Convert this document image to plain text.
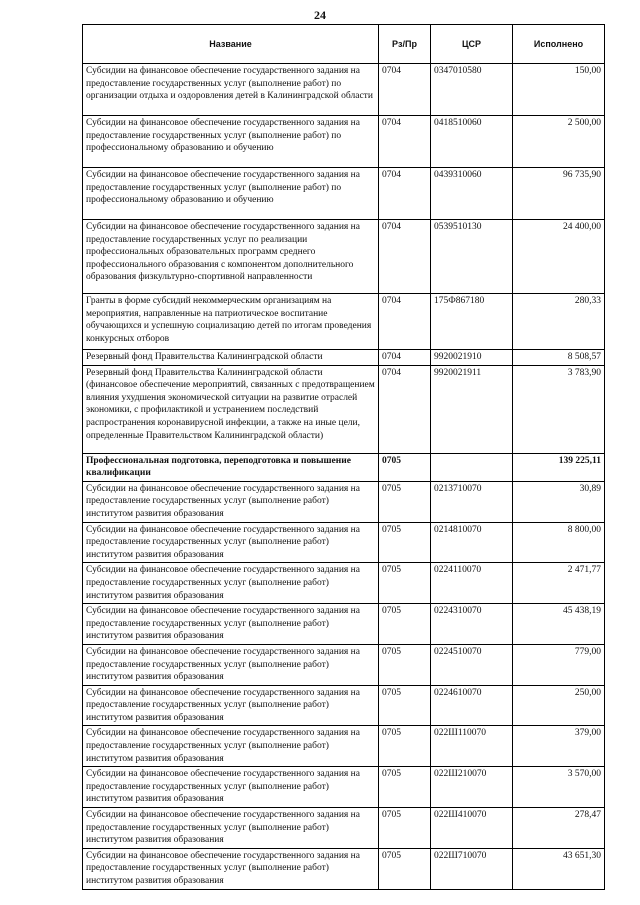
24
Название	Рз/Пр	ЦСР	Исполнено
Субсидии на финансовое обеспечение государственного задания на предоставление государственных услуг (выполнение работ) по организации отдыха и оздоровления детей в Калининградской области	0704	0347010580	150,00
Субсидии на финансовое обеспечение государственного задания на предоставление государственных услуг (выполнение работ) по профессиональному образованию и обучению	0704	0418510060	2 500,00
Субсидии на финансовое обеспечение государственного задания на предоставление государственных услуг (выполнение работ) по профессиональному образованию и обучению	0704	0439310060	96 735,90
Субсидии на финансовое обеспечение государственного задания на предоставление государственных услуг по реализации профессиональных образовательных программ среднего профессионального образования с компонентом дополнительного образования физкультурно-спортивной направленности	0704	0539510130	24 400,00
Гранты в форме субсидий некоммерческим организациям на мероприятия, направленные на патриотическое воспитание обучающихся и успешную социализацию детей по итогам проведения конкурсных отборов	0704	175Ф867180	280,33
Резервный фонд Правительства Калининградской области	0704	9920021910	8 508,57
Резервный фонд Правительства Калининградской области (финансовое обеспечение мероприятий, связанных с предотвращением влияния ухудшения экономической ситуации на развитие отраслей экономики, с профилактикой и устранением последствий распространения коронавирусной инфекции, а также на иные цели, определенные Правительством Калининградской области)	0704	9920021911	3 783,90
Профессиональная подготовка, переподготовка и повышение квалификации	0705		139 225,11
Субсидии на финансовое обеспечение государственного задания на предоставление государственных услуг (выполнение работ) институтом развития образования	0705	0213710070	30,89
Субсидии на финансовое обеспечение государственного задания на предоставление государственных услуг (выполнение работ) институтом развития образования	0705	0214810070	8 800,00
Субсидии на финансовое обеспечение государственного задания на предоставление государственных услуг (выполнение работ) институтом развития образования	0705	0224110070	2 471,77
Субсидии на финансовое обеспечение государственного задания на предоставление государственных услуг (выполнение работ) институтом развития образования	0705	0224310070	45 438,19
Субсидии на финансовое обеспечение государственного задания на предоставление государственных услуг (выполнение работ) институтом развития образования	0705	0224510070	779,00
Субсидии на финансовое обеспечение государственного задания на предоставление государственных услуг (выполнение работ) институтом развития образования	0705	0224610070	250,00
Субсидии на финансовое обеспечение государственного задания на предоставление государственных услуг (выполнение работ) институтом развития образования	0705	022Ш110070	379,00
Субсидии на финансовое обеспечение государственного задания на предоставление государственных услуг (выполнение работ) институтом развития образования	0705	022Ш210070	3 570,00
Субсидии на финансовое обеспечение государственного задания на предоставление государственных услуг (выполнение работ) институтом развития образования	0705	022Ш410070	278,47
Субсидии на финансовое обеспечение государственного задания на предоставление государственных услуг (выполнение работ) институтом развития образования	0705	022Ш710070	43 651,30
